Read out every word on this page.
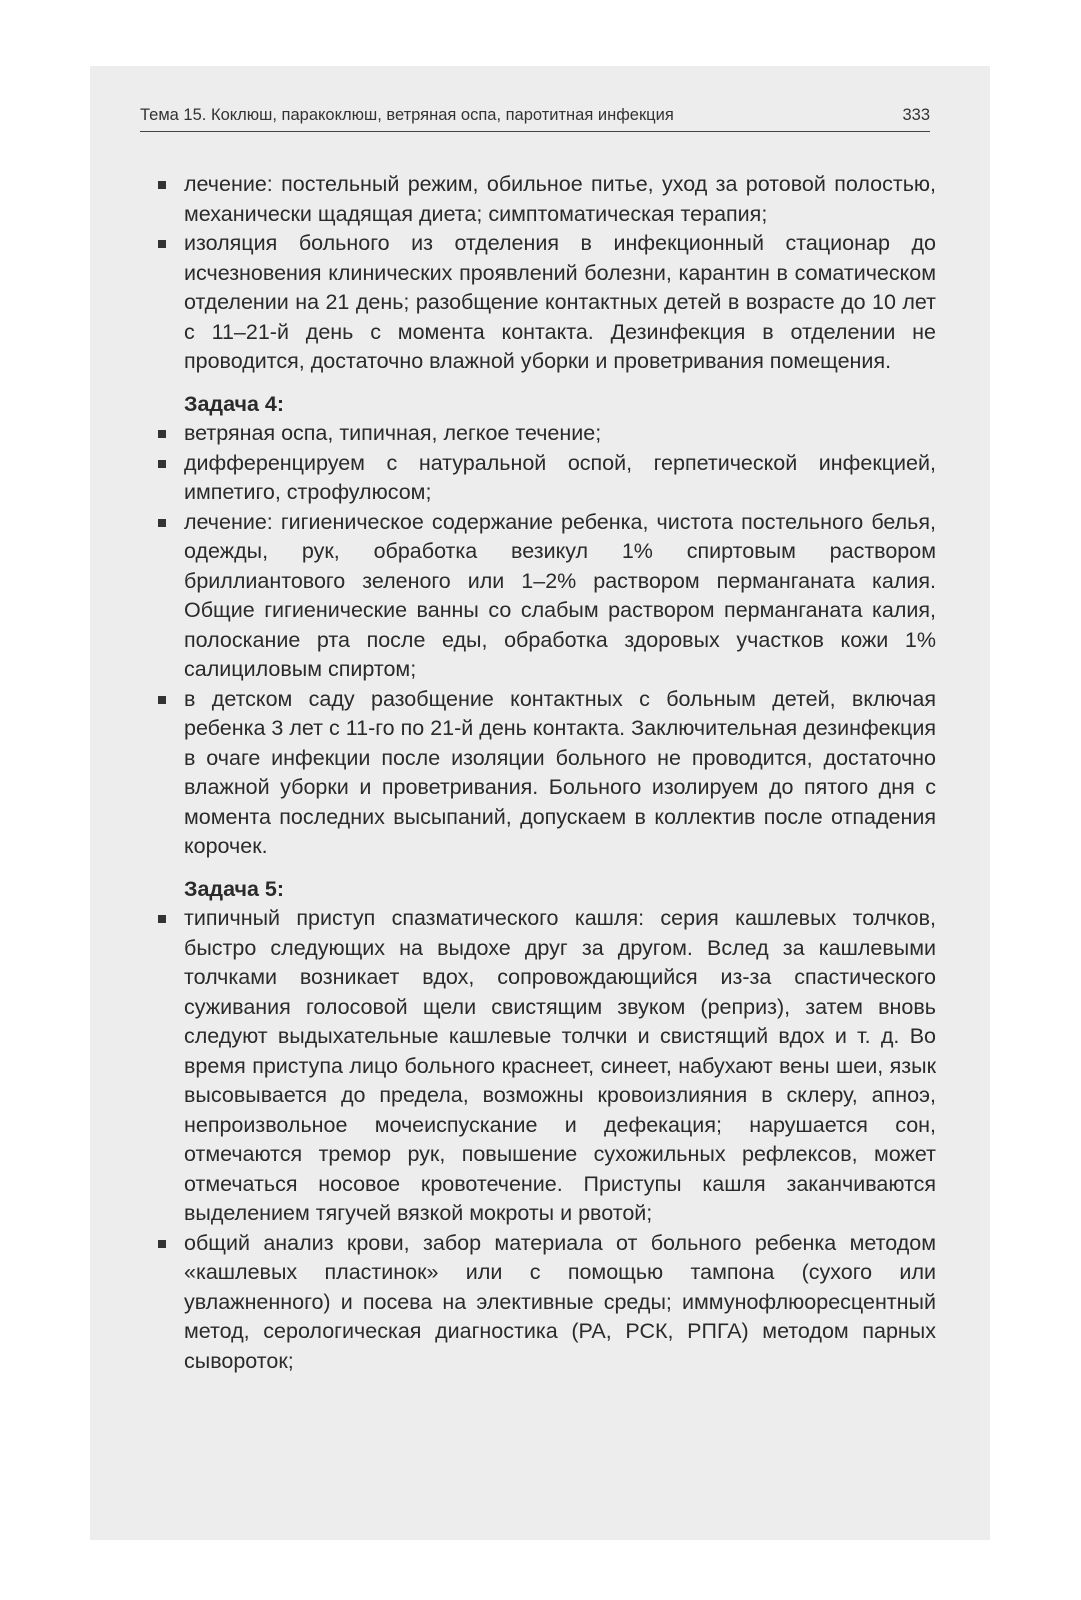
Тема 15. Коклюш, паракоклюш, ветряная оспа, паротитная инфекция	333
лечение: постельный режим, обильное питье, уход за ротовой полостью, механически щадящая диета; симптоматическая терапия;
изоляция больного из отделения в инфекционный стационар до исчезновения клинических проявлений болезни, карантин в соматическом отделении на 21 день; разобщение контактных детей в возрасте до 10 лет с 11–21-й день с момента контакта. Дезинфекция в отделении не проводится, достаточно влажной уборки и проветривания помещения.
Задача 4:
ветряная оспа, типичная, легкое течение;
дифференцируем с натуральной оспой, герпетической инфекцией, импетиго, строфулюсом;
лечение: гигиеническое содержание ребенка, чистота постельного белья, одежды, рук, обработка везикул 1% спиртовым раствором бриллиантового зеленого или 1–2% раствором перманганата калия. Общие гигиенические ванны со слабым раствором перманганата калия, полоскание рта после еды, обработка здоровых участков кожи 1% салициловым спиртом;
в детском саду разобщение контактных с больным детей, включая ребенка 3 лет с 11-го по 21-й день контакта. Заключительная дезинфекция в очаге инфекции после изоляции больного не проводится, достаточно влажной уборки и проветривания. Больного изолируем до пятого дня с момента последних высыпаний, допускаем в коллектив после отпадения корочек.
Задача 5:
типичный приступ спазматического кашля: серия кашлевых толчков, быстро следующих на выдохе друг за другом. Вслед за кашлевыми толчками возникает вдох, сопровождающийся из-за спастического суживания голосовой щели свистящим звуком (реприз), затем вновь следуют выдыхательные кашлевые толчки и свистящий вдох и т. д. Во время приступа лицо больного краснеет, синеет, набухают вены шеи, язык высовывается до предела, возможны кровоизлияния в склеру, апноэ, непроизвольное мочеиспускание и дефекация; нарушается сон, отмечаются тремор рук, повышение сухожильных рефлексов, может отмечаться носовое кровотечение. Приступы кашля заканчиваются выделением тягучей вязкой мокроты и рвотой;
общий анализ крови, забор материала от больного ребенка методом «кашлевых пластинок» или с помощью тампона (сухого или увлажненного) и посева на элективные среды; иммунофлюоресцентный метод, серологическая диагностика (РА, РСК, РПГА) методом парных сывороток;
